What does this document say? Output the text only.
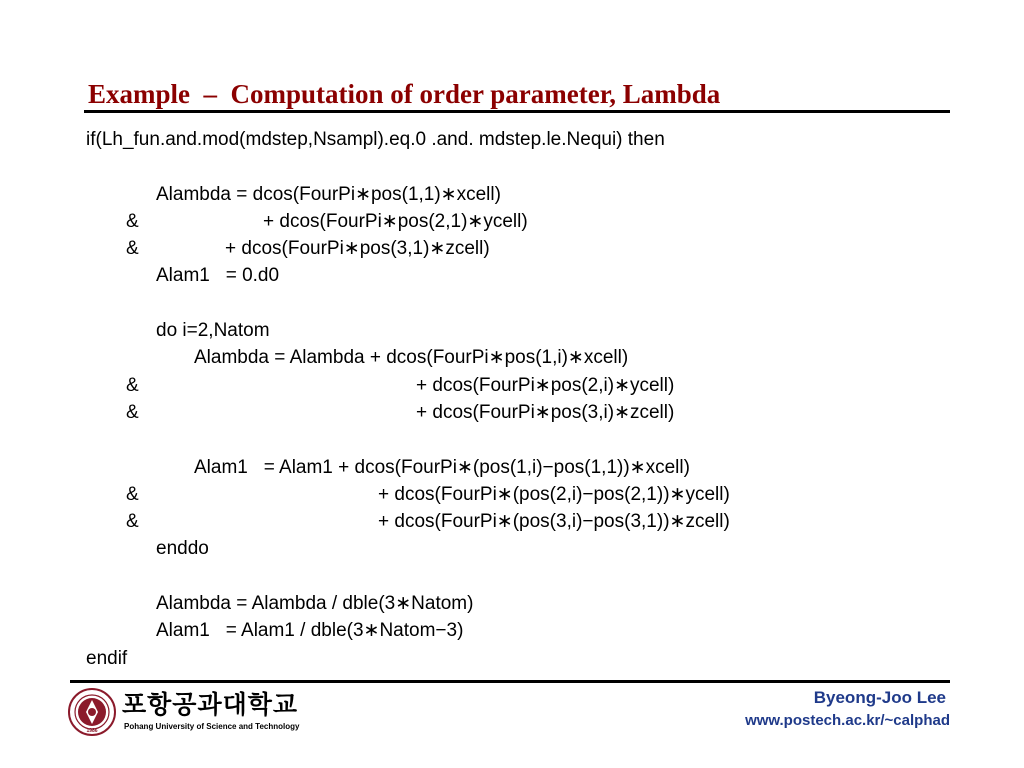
Example  –  Computation of order parameter, Lambda
if(Lh_fun.and.mod(mdstep,Nsampl).eq.0 .and. mdstep.le.Nequi) then
Alambda = dcos(FourPi∗pos(1,1)∗xcell)
&	+ dcos(FourPi∗pos(2,1)∗ycell)
&	+ dcos(FourPi∗pos(3,1)∗zcell)
Alam1   = 0.d0
do i=2,Natom
Alambda = Alambda + dcos(FourPi∗pos(1,i)∗xcell)
&	+ dcos(FourPi∗pos(2,i)∗ycell)
&	+ dcos(FourPi∗pos(3,i)∗zcell)
Alam1   = Alam1 + dcos(FourPi∗(pos(1,i)−pos(1,1))∗xcell)
&	+ dcos(FourPi∗(pos(2,i)−pos(2,1))∗ycell)
&	+ dcos(FourPi∗(pos(3,i)−pos(3,1))∗zcell)
enddo
Alambda = Alambda / dble(3∗Natom)
Alam1   = Alam1 / dble(3∗Natom−3)
endif
1986
포항공과대학교
Pohang University of Science and Technology
Byeong-Joo Lee
www.postech.ac.kr/~calphad
